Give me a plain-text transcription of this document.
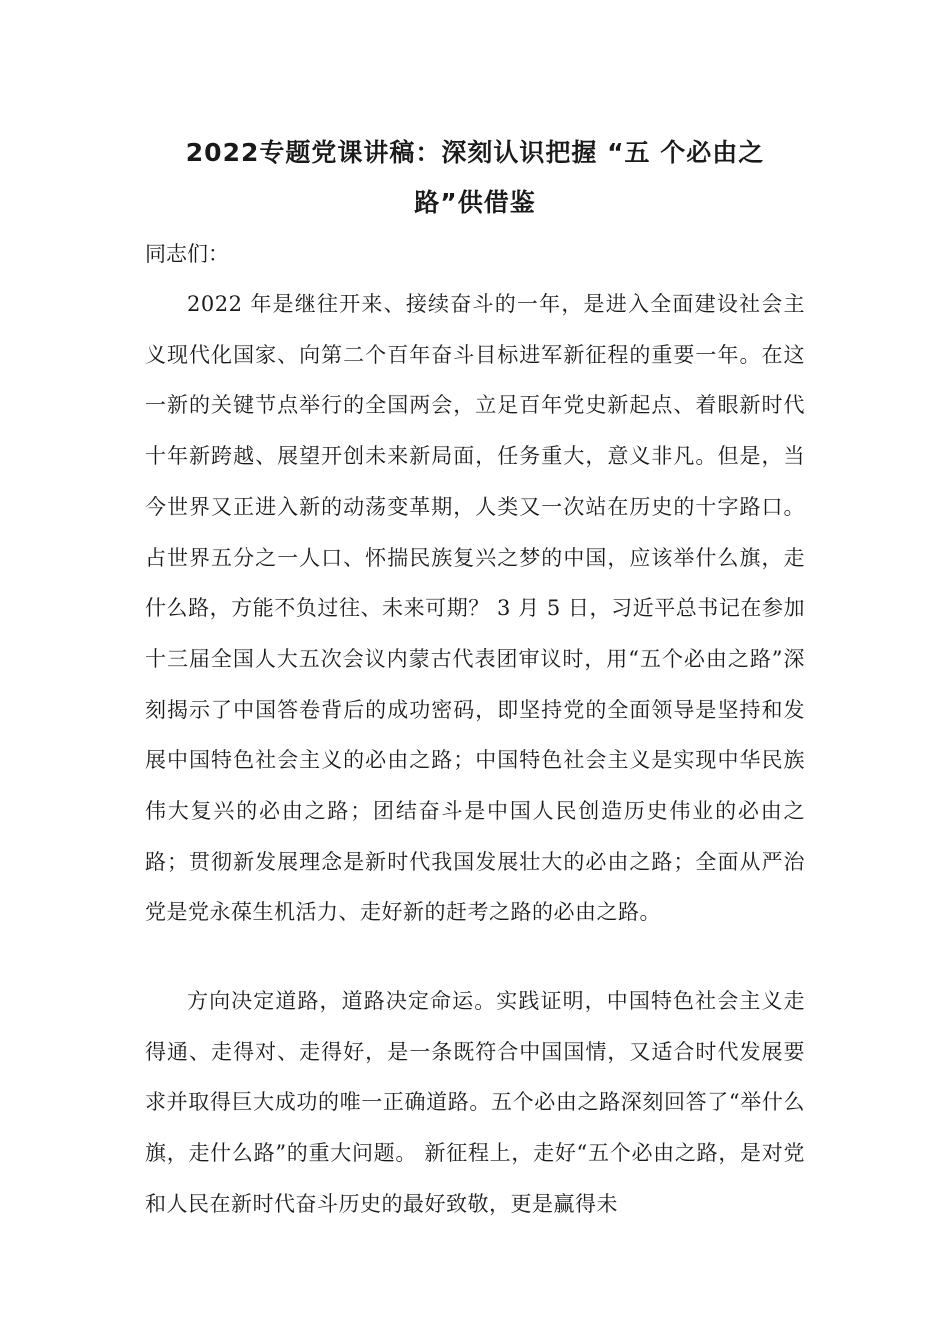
2022专题党课讲稿：深刻认识把握 “五 个必由之
路”供借鉴

同志们：

2022 年是继往开来、接续奋斗的一年，是进入全面建设社会主义现代化国家、向第二个百年奋斗目标进军新征程的重要一年。在这一新的关键节点举行的全国两会，立足百年党史新起点、着眼新时代十年新跨越、展望开创未来新局面，任务重大，意义非凡。但是，当今世界又正进入新的动荡变革期，人类又一次站在历史的十字路口。占世界五分之一人口、怀揣民族复兴之梦的中国，应该举什么旗，走什么路，方能不负过往、未来可期？ 3 月 5 日，习近平总书记在参加十三届全国人大五次会议内蒙古代表团审议时，用“五个必由之路”深刻揭示了中国答卷背后的成功密码，即坚持党的全面领导是坚持和发展中国特色社会主义的必由之路；中国特色社会主义是实现中华民族伟大复兴的必由之路；团结奋斗是中国人民创造历史伟业的必由之路；贯彻新发展理念是新时代我国发展壮大的必由之路；全面从严治党是党永葆生机活力、走好新的赶考之路的必由之路。

方向决定道路，道路决定命运。实践证明，中国特色社会主义走得通、走得对、走得好，是一条既符合中国国情，又适合时代发展要求并取得巨大成功的唯一正确道路。五个必由之路深刻回答了“举什么旗，走什么路”的重大问题。 新征程上，走好“五个必由之路，是对党和人民在新时代奋斗历史的最好致敬，更是赢得未
